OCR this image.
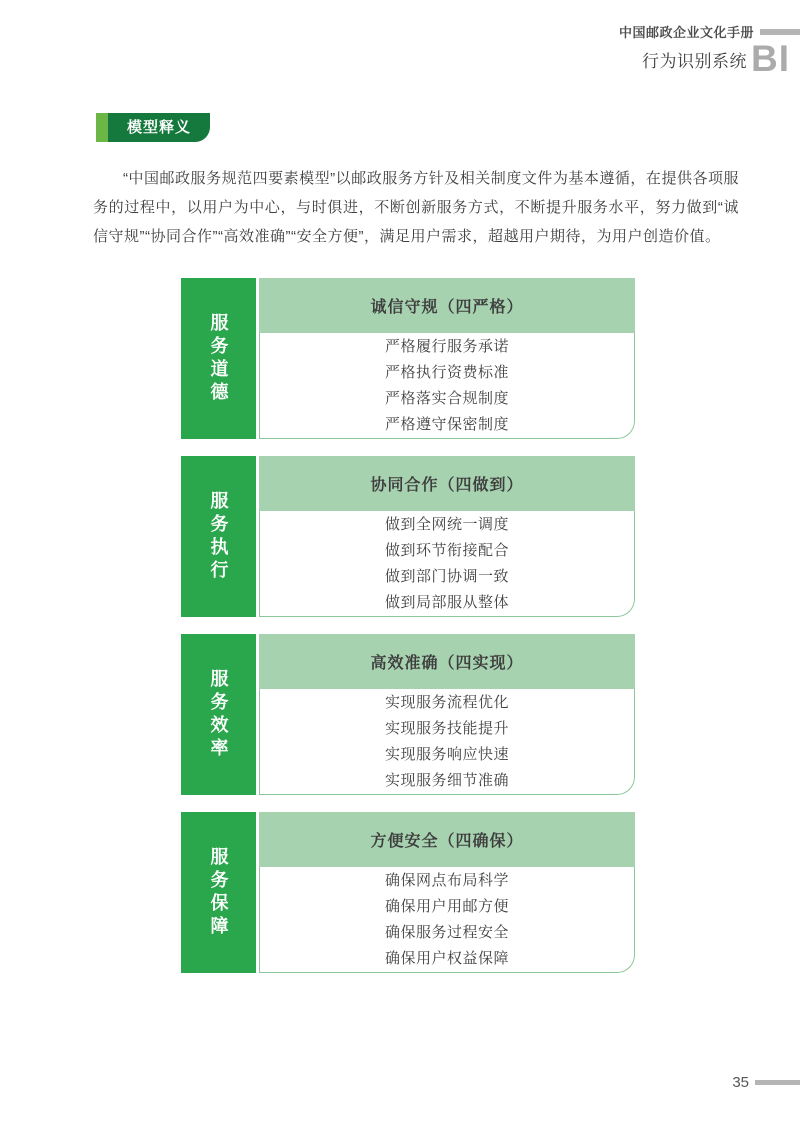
中国邮政企业文化手册
行为识别系统 BI
模型释义

“中国邮政服务规范四要素模型”以邮政服务方针及相关制度文件为基本遵循，在提供各项服务的过程中，以用户为中心，与时俱进，不断创新服务方式，不断提升服务水平，努力做到“诚信守规”“协同合作”“高效准确”“安全方便”，满足用户需求，超越用户期待，为用户创造价值。

服务道德
诚信守规（四严格）
严格履行服务承诺
严格执行资费标准
严格落实合规制度
严格遵守保密制度
服务执行
协同合作（四做到）
做到全网统一调度
做到环节衔接配合
做到部门协调一致
做到局部服从整体
服务效率
高效准确（四实现）
实现服务流程优化
实现服务技能提升
实现服务响应快速
实现服务细节准确
服务保障
方便安全（四确保）
确保网点布局科学
确保用户用邮方便
确保服务过程安全
确保用户权益保障
35
